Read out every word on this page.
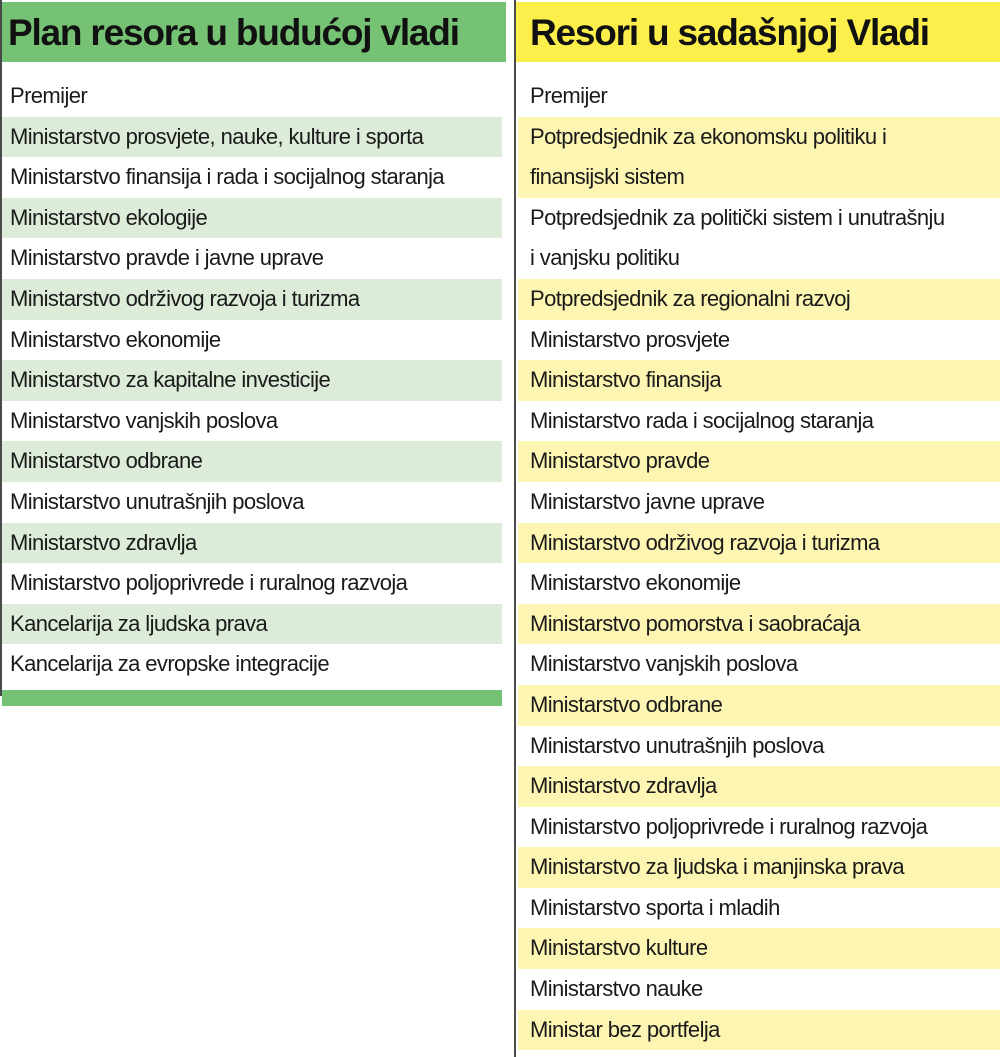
Plan resora u budućoj vladi
Premijer
Ministarstvo prosvjete, nauke, kulture i sporta
Ministarstvo finansija i rada i socijalnog staranja
Ministarstvo ekologije
Ministarstvo pravde i javne uprave
Ministarstvo održivog razvoja i turizma
Ministarstvo ekonomije
Ministarstvo za kapitalne investicije
Ministarstvo vanjskih poslova
Ministarstvo odbrane
Ministarstvo unutrašnjih poslova
Ministarstvo zdravlja
Ministarstvo poljoprivrede i ruralnog razvoja
Kancelarija za ljudska prava
Kancelarija za evropske integracije
Resori u sadašnjoj Vladi
Premijer
Potpredsjednik za ekonomsku politiku i
finansijski sistem
Potpredsjednik za politički sistem i unutrašnju
i vanjsku politiku
Potpredsjednik za regionalni razvoj
Ministarstvo prosvjete
Ministarstvo finansija
Ministarstvo rada i socijalnog staranja
Ministarstvo pravde
Ministarstvo javne uprave
Ministarstvo održivog razvoja i turizma
Ministarstvo ekonomije
Ministarstvo pomorstva i saobraćaja
Ministarstvo vanjskih poslova
Ministarstvo odbrane
Ministarstvo unutrašnjih poslova
Ministarstvo zdravlja
Ministarstvo poljoprivrede i ruralnog razvoja
Ministarstvo za ljudska i manjinska prava
Ministarstvo sporta i mladih
Ministarstvo kulture
Ministarstvo nauke
Ministar bez portfelja
